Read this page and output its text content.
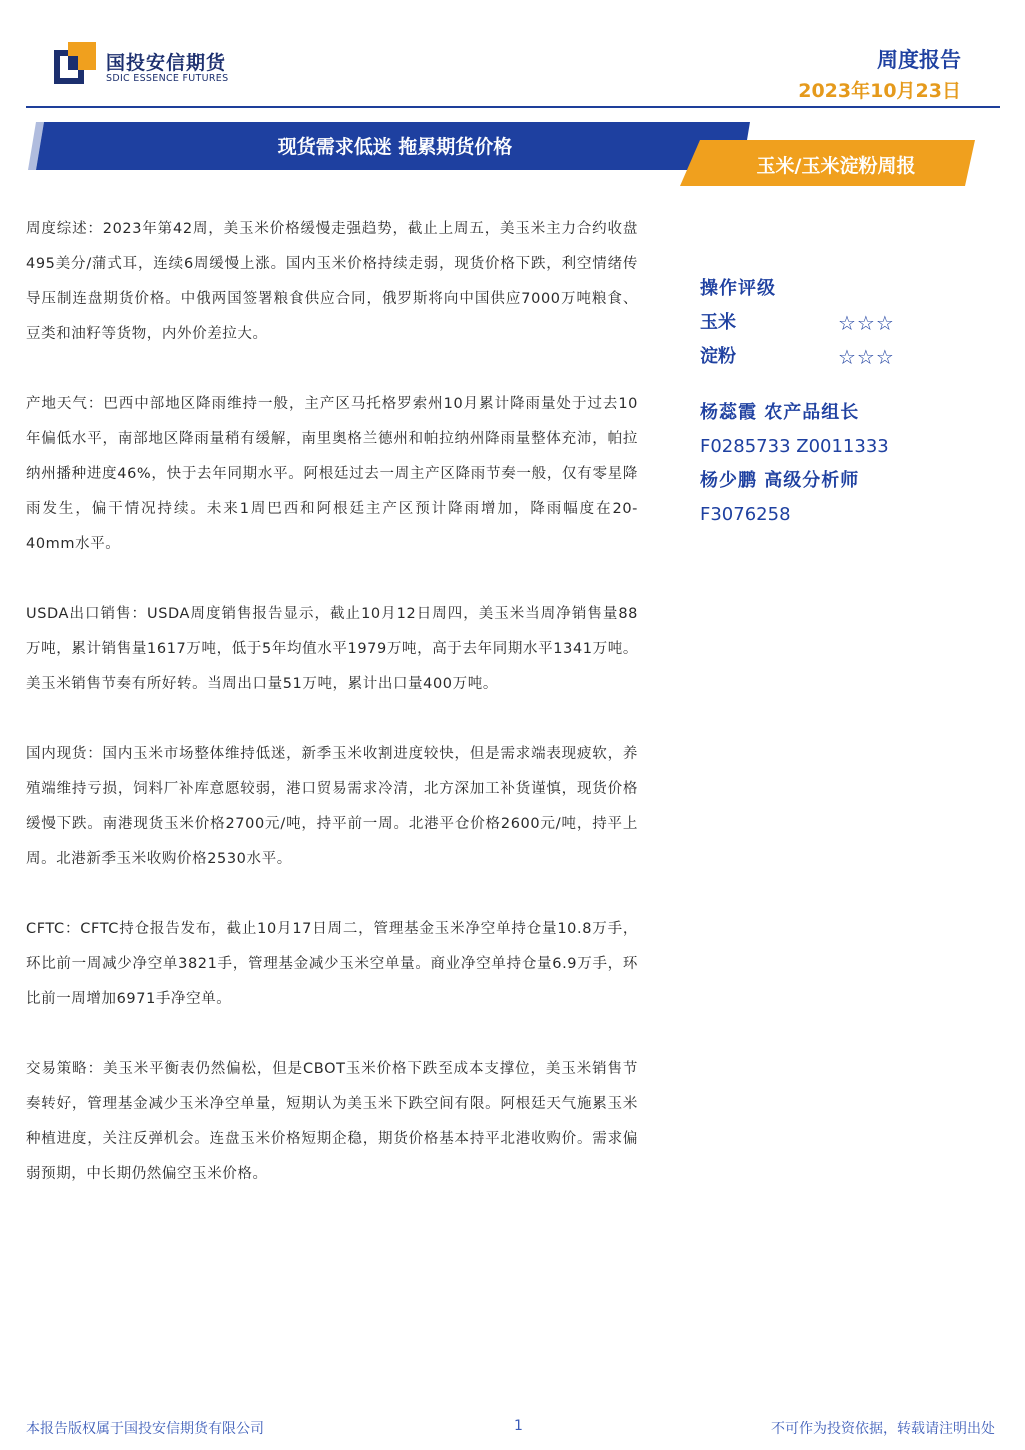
国投安信期货
SDIC ESSENCE FUTURES
周度报告
2023年10月23日
现货需求低迷 拖累期货价格
玉米/玉米淀粉周报

周度综述：2023年第42周，美玉米价格缓慢走强趋势，截止上周五，美玉米主力合约收盘495美分/蒲式耳，连续6周缓慢上涨。国内玉米价格持续走弱，现货价格下跌，利空情绪传导压制连盘期货价格。中俄两国签署粮食供应合同，俄罗斯将向中国供应7000万吨粮食、豆类和油籽等货物，内外价差拉大。

产地天气：巴西中部地区降雨维持一般，主产区马托格罗索州10月累计降雨量处于过去10年偏低水平，南部地区降雨量稍有缓解，南里奥格兰德州和帕拉纳州降雨量整体充沛，帕拉纳州播种进度46%，快于去年同期水平。阿根廷过去一周主产区降雨节奏一般，仅有零星降雨发生，偏干情况持续。未来1周巴西和阿根廷主产区预计降雨增加，降雨幅度在20-40mm水平。

USDA出口销售：USDA周度销售报告显示，截止10月12日周四，美玉米当周净销售量88万吨，累计销售量1617万吨，低于5年均值水平1979万吨，高于去年同期水平1341万吨。美玉米销售节奏有所好转。当周出口量51万吨，累计出口量400万吨。

国内现货：国内玉米市场整体维持低迷，新季玉米收割进度较快，但是需求端表现疲软，养殖端维持亏损，饲料厂补库意愿较弱，港口贸易需求冷清，北方深加工补货谨慎，现货价格缓慢下跌。南港现货玉米价格2700元/吨，持平前一周。北港平仓价格2600元/吨，持平上周。北港新季玉米收购价格2530水平。

CFTC：CFTC持仓报告发布，截止10月17日周二，管理基金玉米净空单持仓量10.8万手，环比前一周减少净空单3821手，管理基金减少玉米空单量。商业净空单持仓量6.9万手，环比前一周增加6971手净空单。

交易策略：美玉米平衡表仍然偏松，但是CBOT玉米价格下跌至成本支撑位，美玉米销售节奏转好，管理基金减少玉米净空单量，短期认为美玉米下跌空间有限。阿根廷天气施累玉米种植进度，关注反弹机会。连盘玉米价格短期企稳，期货价格基本持平北港收购价。需求偏弱预期，中长期仍然偏空玉米价格。

操作评级
玉米	☆☆☆
淀粉	☆☆☆
杨蕊霞 农产品组长
F0285733 Z0011333
杨少鹏 高级分析师
F3076258
本报告版权属于国投安信期货有限公司	1	不可作为投资依据，转载请注明出处
